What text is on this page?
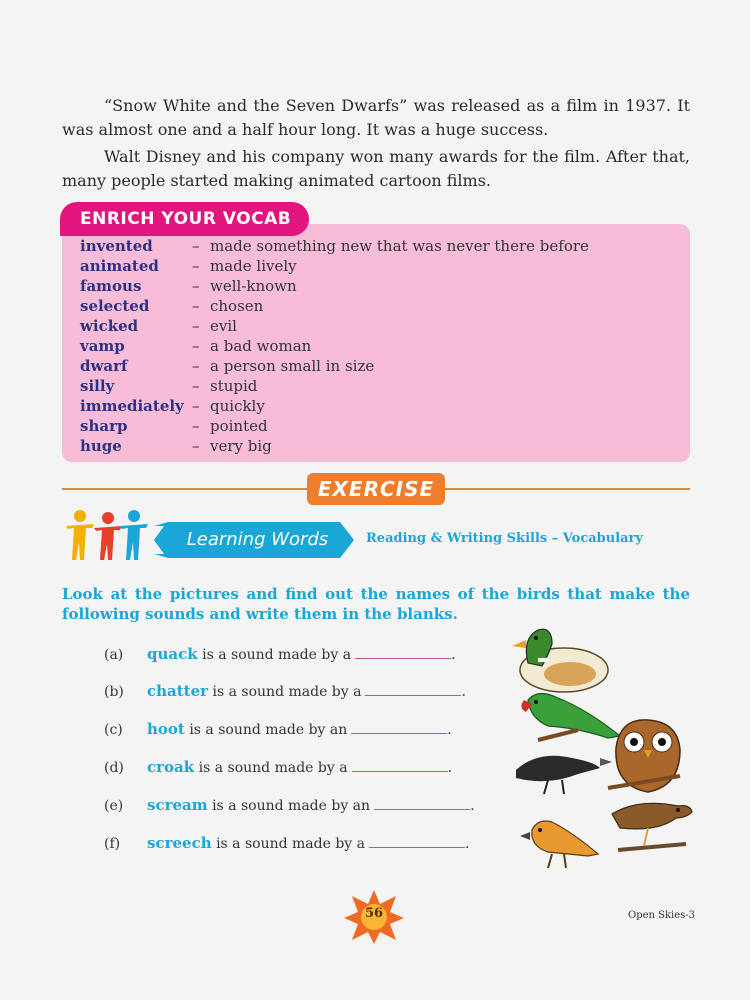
“Snow White and the Seven Dwarfs” was released as a film in 1937. It was almost one and a half hour long. It was a huge success.

Walt Disney and his company won many awards for the film. After that, many people started making animated cartoon films.

ENRICH YOUR VOCAB
invented	– made something new that was never there before
animated – made lively
famous	– well-known
selected	– chosen
wicked	– evil
vamp	– a bad woman
dwarf	– a person small in size
silly	– stupid
immediately – quickly
sharp	– pointed
huge	– very big
EXERCISE
Learning Words	Reading & Writing Skills – Vocabulary

Look at the pictures and find out the names of the birds that make the following sounds and write them in the blanks.

(a) quack is a sound made by a	.
(b) chatter is a sound made by a	.
(c) hoot is a sound made by an	.
(d) croak is a sound made by a	.
(e) scream is a sound made by an	.
(f) screech is a sound made by a	.
56	Open Skies-3
